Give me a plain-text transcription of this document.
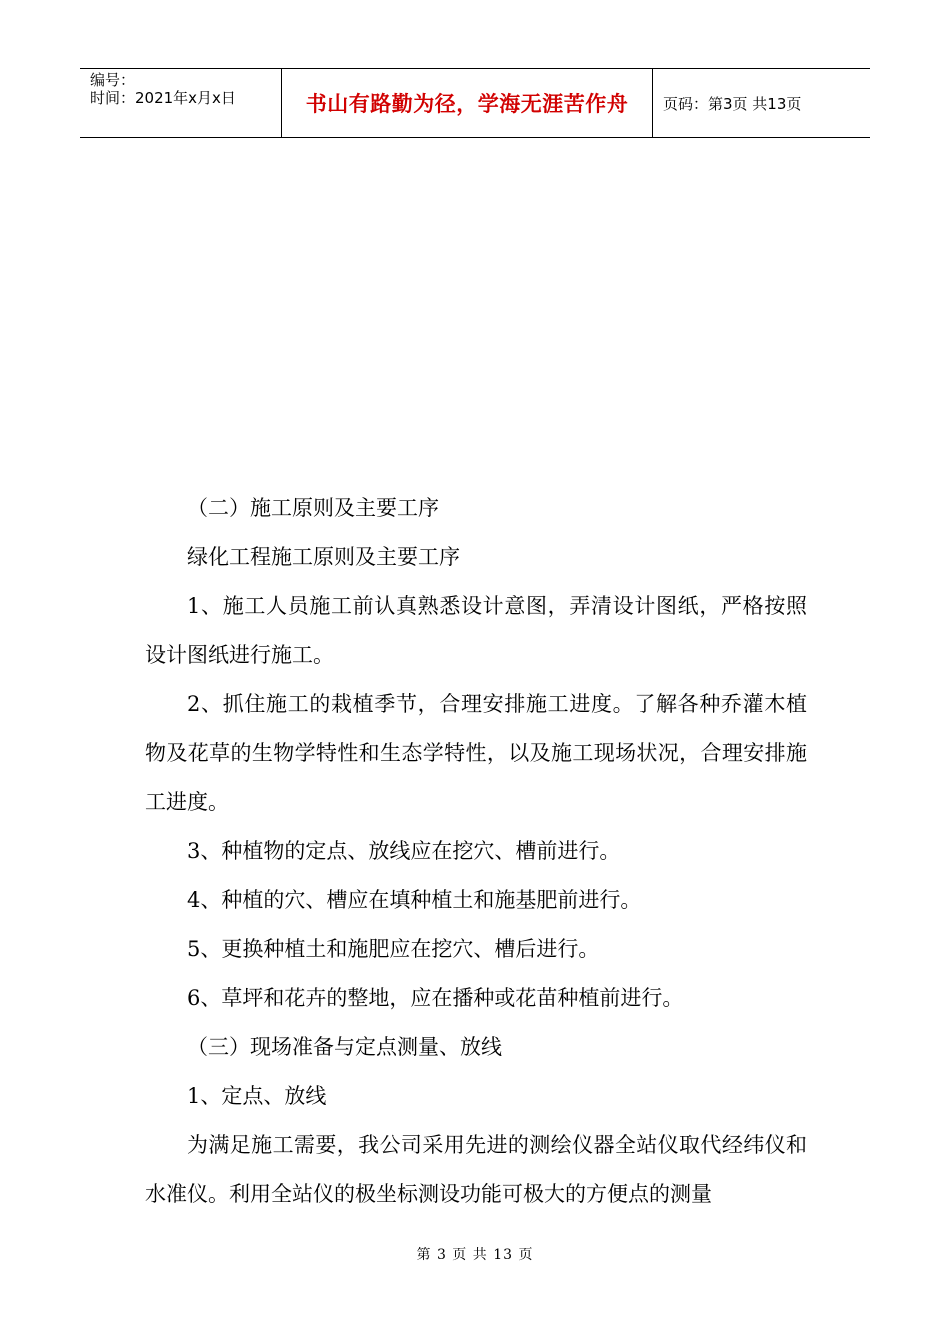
编号：
时间：2021年x月x日	书山有路勤为径，学海无涯苦作舟 页码：第3页 共13页

（二）施工原则及主要工序

绿化工程施工原则及主要工序

1、施工人员施工前认真熟悉设计意图，弄清设计图纸，严格按照设计图纸进行施工。

2、抓住施工的栽植季节，合理安排施工进度。了解各种乔灌木植物及花草的生物学特性和生态学特性，以及施工现场状况，合理安排施工进度。

3、种植物的定点、放线应在挖穴、槽前进行。

4、种植的穴、槽应在填种植土和施基肥前进行。

5、更换种植土和施肥应在挖穴、槽后进行。

6、草坪和花卉的整地，应在播种或花苗种植前进行。

（三）现场准备与定点测量、放线

1、定点、放线

为满足施工需要，我公司采用先进的测绘仪器全站仪取代经纬仪和水准仪。利用全站仪的极坐标测设功能可极大的方便点的测量

第 3 页 共 13 页
